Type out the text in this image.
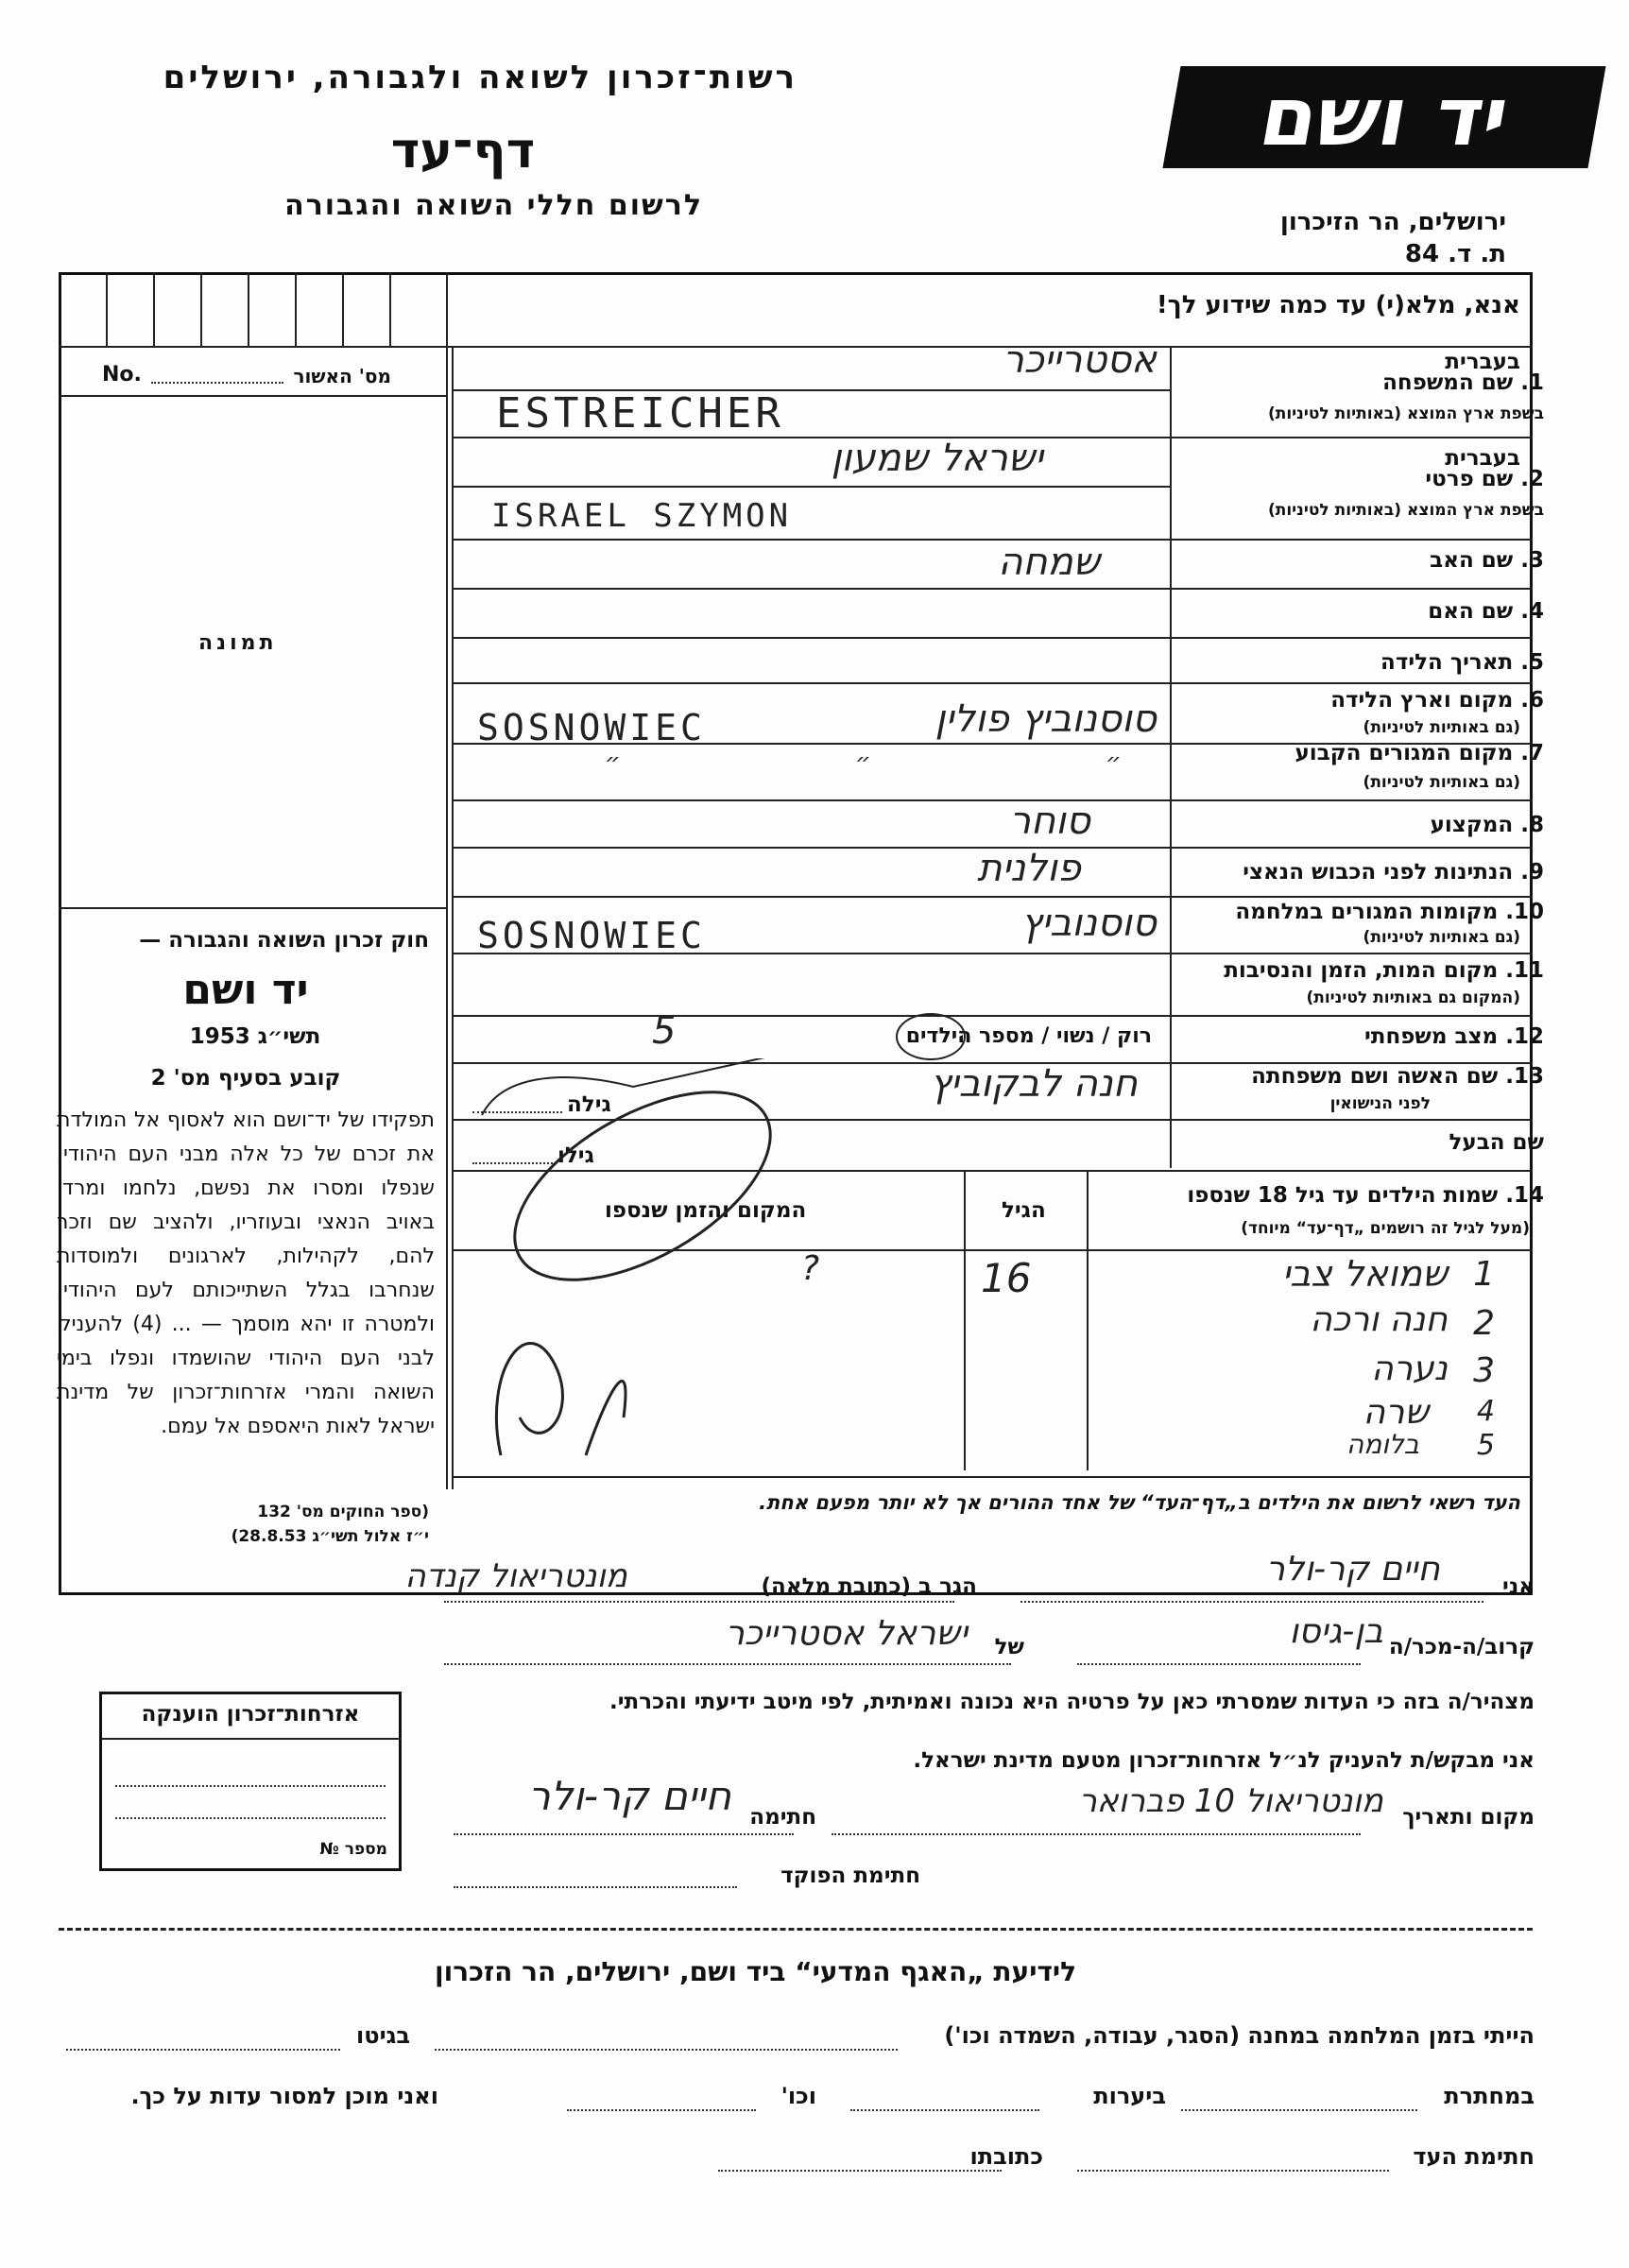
רשות־זכרון לשואה ולגבורה, ירושלים
דף־עד
לרשום חללי השואה והגבורה
יד ושם
ירושלים, הר הזיכרון
ת. ד. 84
אנא, מלא(י) עד כמה שידוע לך!
מס' האשור
No.
תמונה
חוק זכרון השואה והגבורה —
יד ושם
תשי״ג 1953
קובע בסעיף מס' 2
תפקידו של יד־ושם הוא לאסוף אל המולדת את זכרם של כל אלה מבני העם היהודי, שנפלו ומסרו את נפשם, נלחמו ומרדו באויב הנאצי ובעוזריו, ולהציב שם וזכר להם, לקהילות, לארגונים ולמוסדות שנחרבו בגלל השתייכותם לעם היהודי, ולמטרה זו יהא מוסמך — ... (4) להעניק לבני העם היהודי שהושמדו ונפלו בימי השואה והמרי אזרחות־זכרון של מדינת ישראל לאות היאספם אל עמם.
(ספר החוקים מס' 132
י״ז אלול תשי״ג 28.8.53)
בעברית
1. שם המשפחה
בשפת ארץ המוצא (באותיות לטיניות)
אסטרייכר
ESTREICHER
בעברית
2. שם פרטי
בשפת ארץ המוצא (באותיות לטיניות)
ישראל שמעון
ISRAEL SZYMON
3. שם האב
שמחה
4. שם האם
5. תאריך הלידה
6. מקום וארץ הלידה
(גם באותיות לטיניות)
סוסנוביץ פולין
SOSNOWIEC
7. מקום המגורים הקבוע
(גם באותיות לטיניות)
״ ״ ״
8. המקצוע
סוחר
9. הנתינות לפני הכבוש הנאצי
פולנית
10. מקומות המגורים במלחמה
(גם באותיות לטיניות)
סוסנוביץ
SOSNOWIEC
11. מקום המות, הזמן והנסיבות
(המקום גם באותיות לטיניות)
12. מצב משפחתי
רוק / נשוי / מספר הילדים
5
13. שם האשה ושם משפחתה
לפני הנישואין
חנה לבקוביץ
גילה
שם הבעל
גילו
14. שמות הילדים עד גיל 18 שנספו
(מעל לגיל זה רושמים „דף־עד“ מיוחד)
הגיל
המקום והזמן שנספו
שמואל צבי 1
16
?
חנה ורכה 2
נערה 3
שרה 4
בלומה 5
העד רשאי לרשום את הילדים ב„דף־העד“ של אחד ההורים אך לא יותר מפעם אחת.
אני
חיים קר-ולר
הגר ב (כתובת מלאה)
מונטריאול קנדה
קרוב/ה-מכר/ה
בן-גיסו
של
ישראל אסטרייכר
מצהיר/ה בזה כי העדות שמסרתי כאן על פרטיה היא נכונה ואמיתית, לפי מיטב ידיעתי והכרתי.
אני מבקש/ת להעניק לנ״ל אזרחות־זכרון מטעם מדינת ישראל.
מקום ותאריך
מונטריאול 10 פברואר
חתימה
חיים קר-ולר
חתימת הפוקד
אזרחות־זכרון הוענקה
מספר №
לידיעת „האגף המדעי“ ביד ושם, ירושלים, הר הזכרון
הייתי בזמן המלחמה במחנה (הסגר, עבודה, השמדה וכו')
בגיטו
במחתרת
ביערות
וכו'
ואני מוכן למסור עדות על כך.
חתימת העד
כתובתו
